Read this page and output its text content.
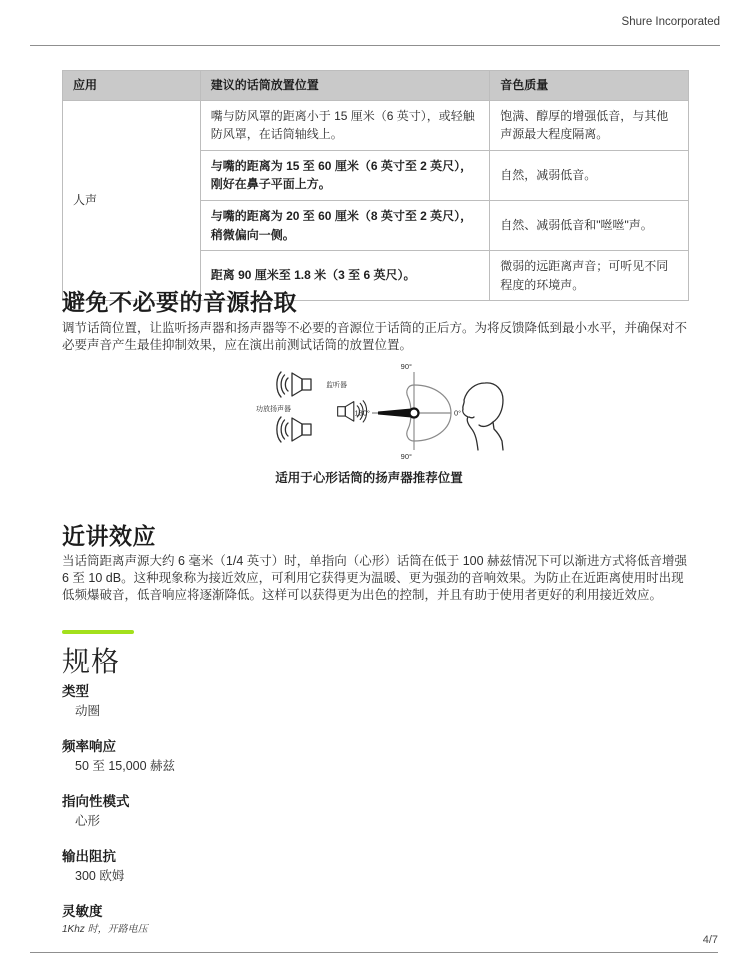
Shure Incorporated
应用	建议的话筒放置位置	音色质量
人声	嘴与防风罩的距离小于 15 厘米（6 英寸），或轻触防风罩，在话筒轴线上。	饱满、醇厚的增强低音，与其他声源最大程度隔离。
	与嘴的距离为 15 至 60 厘米（6 英寸至 2 英尺），刚好在鼻子平面上方。	自然，减弱低音。
	与嘴的距离为 20 至 60 厘米（8 英寸至 2 英尺），稍微偏向一侧。	自然、减弱低音和"咝咝"声。
	距离 90 厘米至 1.8 米（3 至 6 英尺）。	微弱的远距离声音；可听见不同程度的环境声。
避免不必要的音源拾取

调节话筒位置，让监听扬声器和扬声器等不必要的音源位于话筒的正后方。为将反馈降低到最小水平，并确保对不必要声音产生最佳抑制效果，应在演出前测试话筒的放置位置。

监听器
功放扬声器
90°
180°	0°
90°
适用于心形话筒的扬声器推荐位置
近讲效应

当话筒距离声源大约 6 毫米（1/4 英寸）时，单指向（心形）话筒在低于 100 赫兹情况下可以渐进方式将低音增强 6 至 10 dB。这种现象称为接近效应，可利用它获得更为温暖、更为强劲的音响效果。为防止在近距离使用时出现低频爆破音，低音响应将逐渐降低。这样可以获得更为出色的控制，并且有助于使用者更好的利用接近效应。

规格
类型
动圈
频率响应
50 至 15,000 赫兹
指向性模式
心形
输出阻抗
300 欧姆
灵敏度
1Khz 时，开路电压
4/7
